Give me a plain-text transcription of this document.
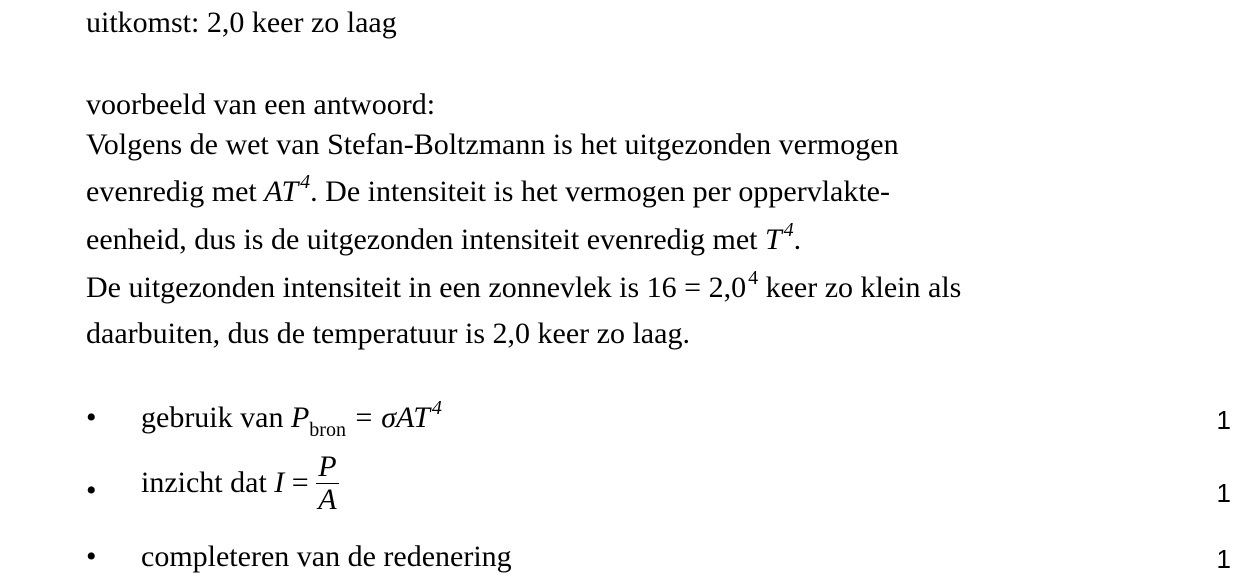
uitkomst: 2,0 keer zo laag
voorbeeld van een antwoord:
Volgens de wet van Stefan-Boltzmann is het uitgezonden vermogen
evenredig met AT $^4$. De intensiteit is het vermogen per oppervlakte-
eenheid, dus is de uitgezonden intensiteit evenredig met T $^4$.
De uitgezonden intensiteit in een zonnevlek is 16 = 2,0 $^4$ keer zo klein als
daarbuiten, dus de temperatuur is 2,0 keer zo laag.
• gebruik van $P_{bron} = \sigma AT$ $^4$	1
• inzicht dat $I = \frac{P}{A}$	1
• completeren van de redenering	1
